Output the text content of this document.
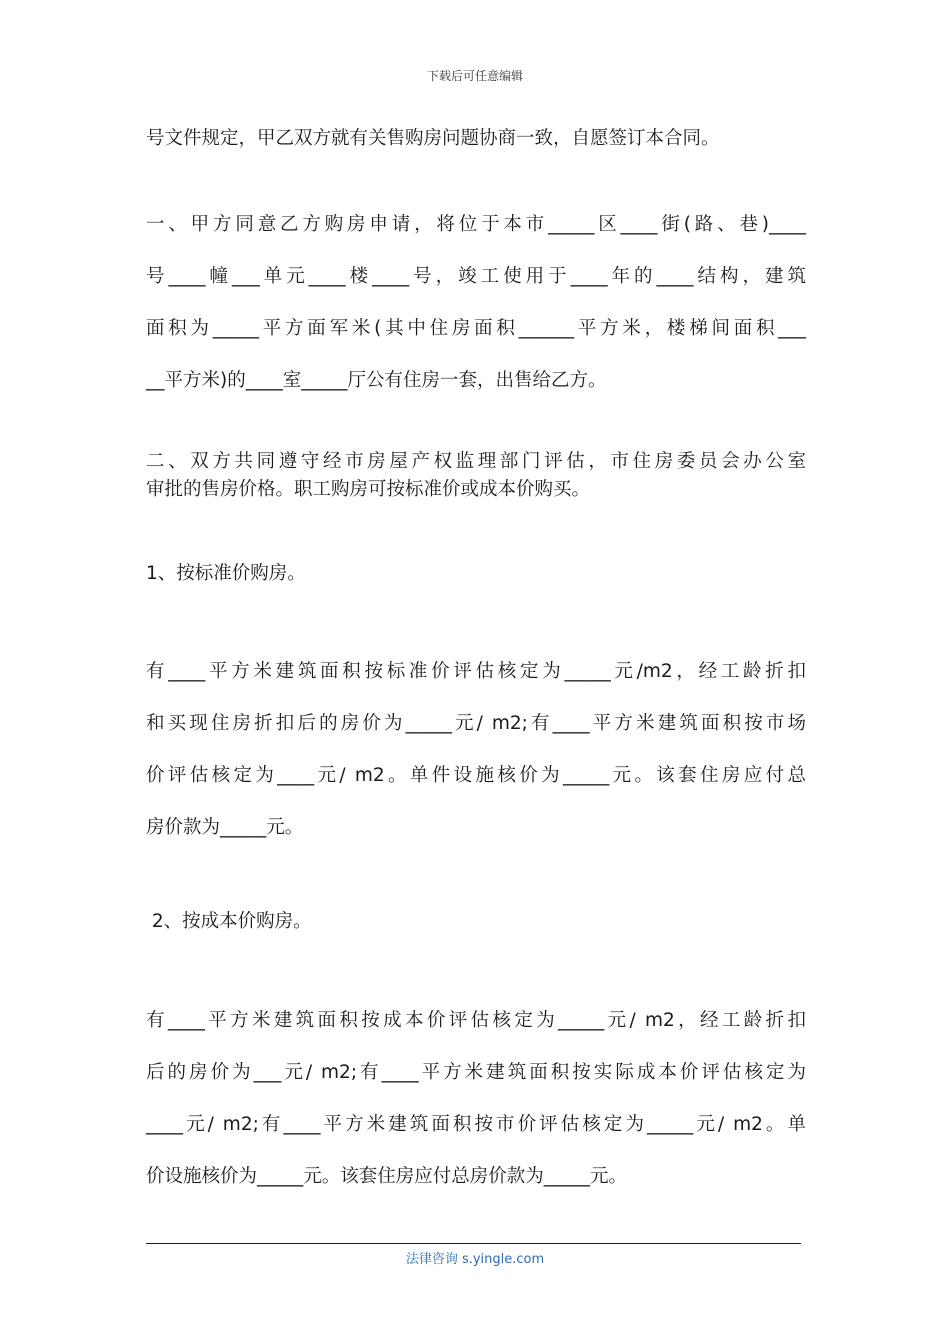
下载后可任意编辑
号文件规定，甲乙双方就有关售购房问题协商一致，自愿签订本合同。
一、甲方同意乙方购房申请，将位于本市_____区____街(路、巷)____
号____幢___单元____楼____号，竣工使用于____年的____结构，建筑
面积为_____平方面军米(其中住房面积______平方米，楼梯间面积___
__平方米)的____室_____厅公有住房一套，出售给乙方。
二、双方共同遵守经市房屋产权监理部门评估，市住房委员会办公室
审批的售房价格。职工购房可按标准价或成本价购买。
1、按标准价购房。
有____平方米建筑面积按标准价评估核定为_____元/m2，经工龄折扣
和买现住房折扣后的房价为_____元/ m2;有____平方米建筑面积按市场
价评估核定为____元/ m2。单件设施核价为_____元。该套住房应付总
房价款为_____元。
2、按成本价购房。
有____平方米建筑面积按成本价评估核定为_____元/ m2，经工龄折扣
后的房价为___元/ m2;有____平方米建筑面积按实际成本价评估核定为
____元/ m2;有____平方米建筑面积按市价评估核定为_____元/ m2。单
价设施核价为_____元。该套住房应付总房价款为_____元。
法律咨询 s.yingle.com
